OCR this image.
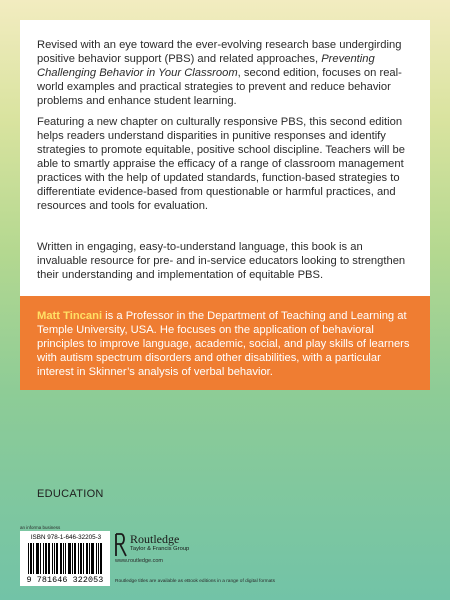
Revised with an eye toward the ever-evolving research base undergirding positive behavior support (PBS) and related approaches, Preventing Challenging Behavior in Your Classroom, second edition, focuses on real-world examples and practical strategies to prevent and reduce behavior problems and enhance student learning.

Featuring a new chapter on culturally responsive PBS, this second edition helps readers understand disparities in punitive responses and identify strategies to promote equitable, positive school discipline. Teachers will be able to smartly appraise the efficacy of a range of classroom management practices with the help of updated standards, function-based strategies to differentiate evidence-based from questionable or harmful practices, and resources and tools for evaluation.

Written in engaging, easy-to-understand language, this book is an invaluable resource for pre- and in-service educators looking to strengthen their understanding and implementation of equitable PBS.

Matt Tincani is a Professor in the Department of Teaching and Learning at Temple University, USA. He focuses on the application of behavioral principles to improve language, academic, social, and play skills of learners with autism spectrum disorders and other disabilities, with a particular interest in Skinner’s analysis of verbal behavior.
EDUCATION
an informa business
ISBN 978-1-646-32205-3
9 781646 322053
Routledge
Taylor & Francis Group
www.routledge.com
Routledge titles are available as eBook editions in a range of digital formats
